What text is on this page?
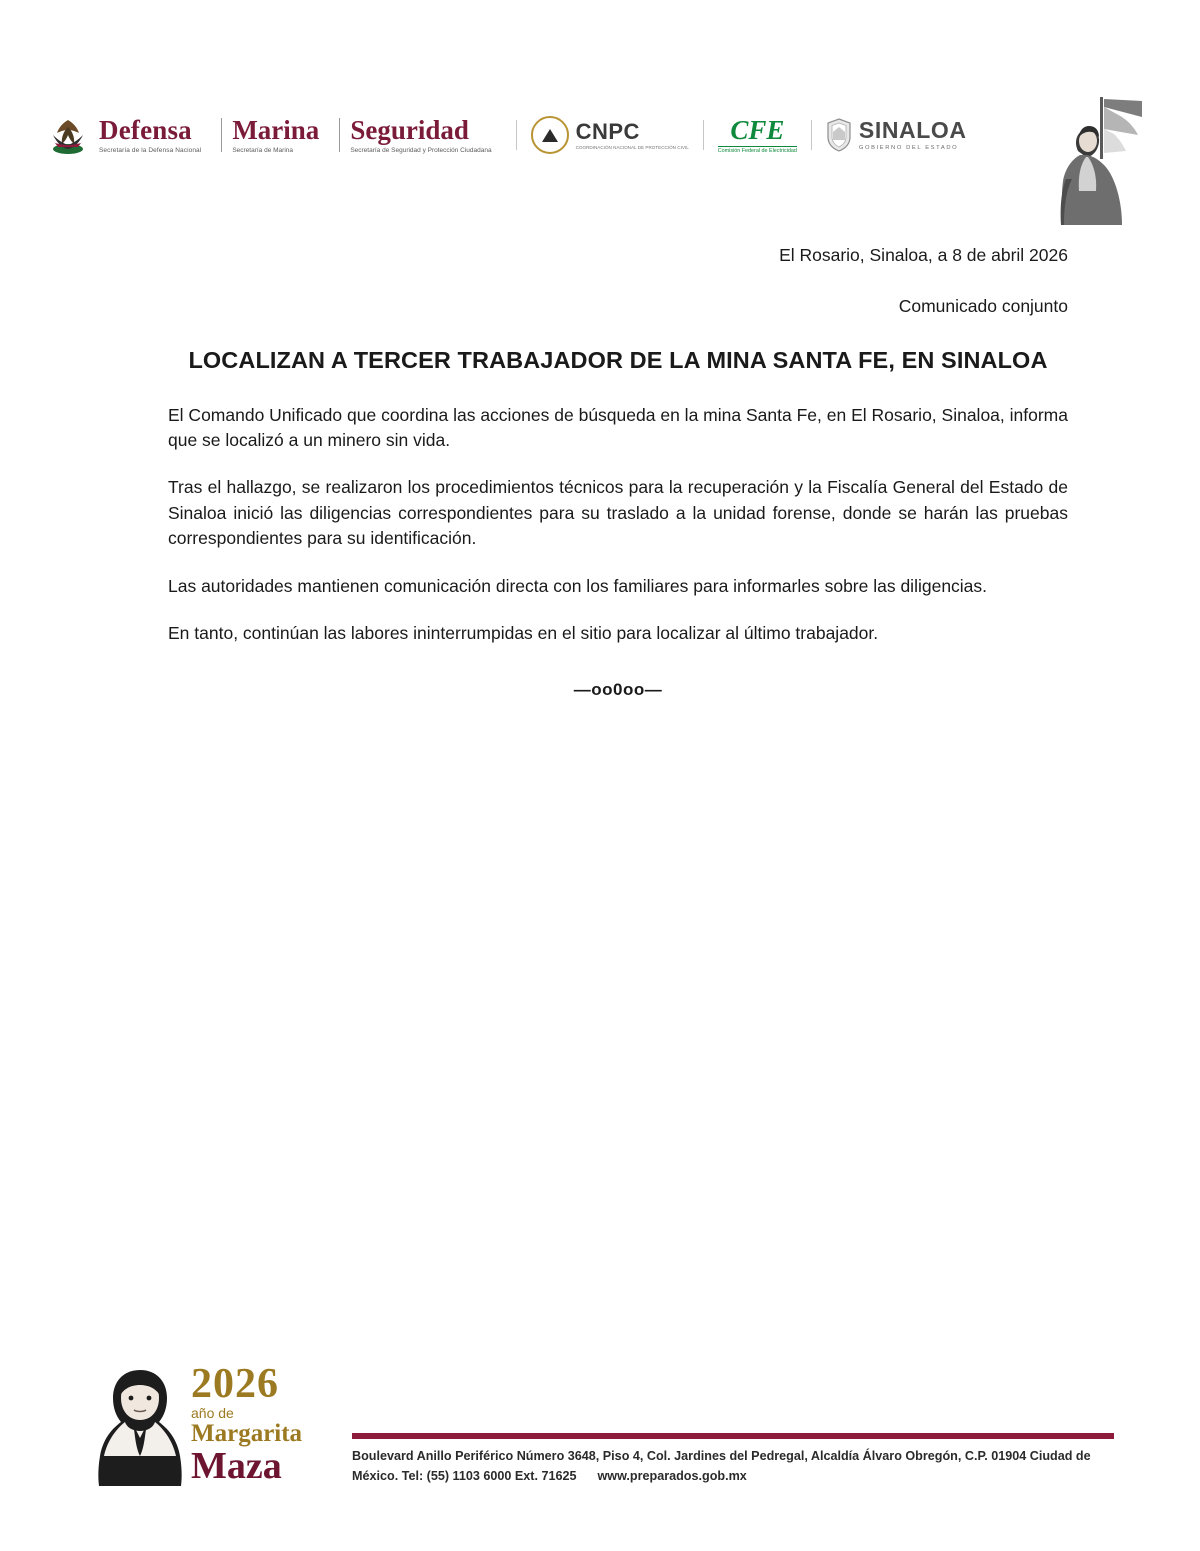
Defensa
Secretaría de la Defensa Nacional
Marina
Secretaría de Marina
Seguridad
Secretaría de Seguridad y Protección Ciudadana
CNPC
COORDINACIÓN NACIONAL DE PROTECCIÓN CIVIL
CFE
Comisión Federal de Electricidad
SINALOA
GOBIERNO DEL ESTADO
El Rosario, Sinaloa, a 8 de abril 2026
Comunicado conjunto
LOCALIZAN A TERCER TRABAJADOR DE LA MINA SANTA FE, EN SINALOA

El Comando Unificado que coordina las acciones de búsqueda en la mina Santa Fe, en El Rosario, Sinaloa, informa que se localizó a un minero sin vida.

Tras el hallazgo, se realizaron los procedimientos técnicos para la recuperación y la Fiscalía General del Estado de Sinaloa inició las diligencias correspondientes para su traslado a la unidad forense, donde se harán las pruebas correspondientes para su identificación.

Las autoridades mantienen comunicación directa con los familiares para informarles sobre las diligencias.

En tanto, continúan las labores ininterrumpidas en el sitio para localizar al último trabajador.

—oo0oo—
2026
año de
Margarita
Maza	Boulevard Anillo Periférico Número 3648, Piso 4, Col. Jardines del Pedregal, Alcaldía Álvaro Obregón, C.P. 01904 Ciudad de
México. Tel: (55) 1103 6000 Ext. 71625 www.preparados.gob.mx
